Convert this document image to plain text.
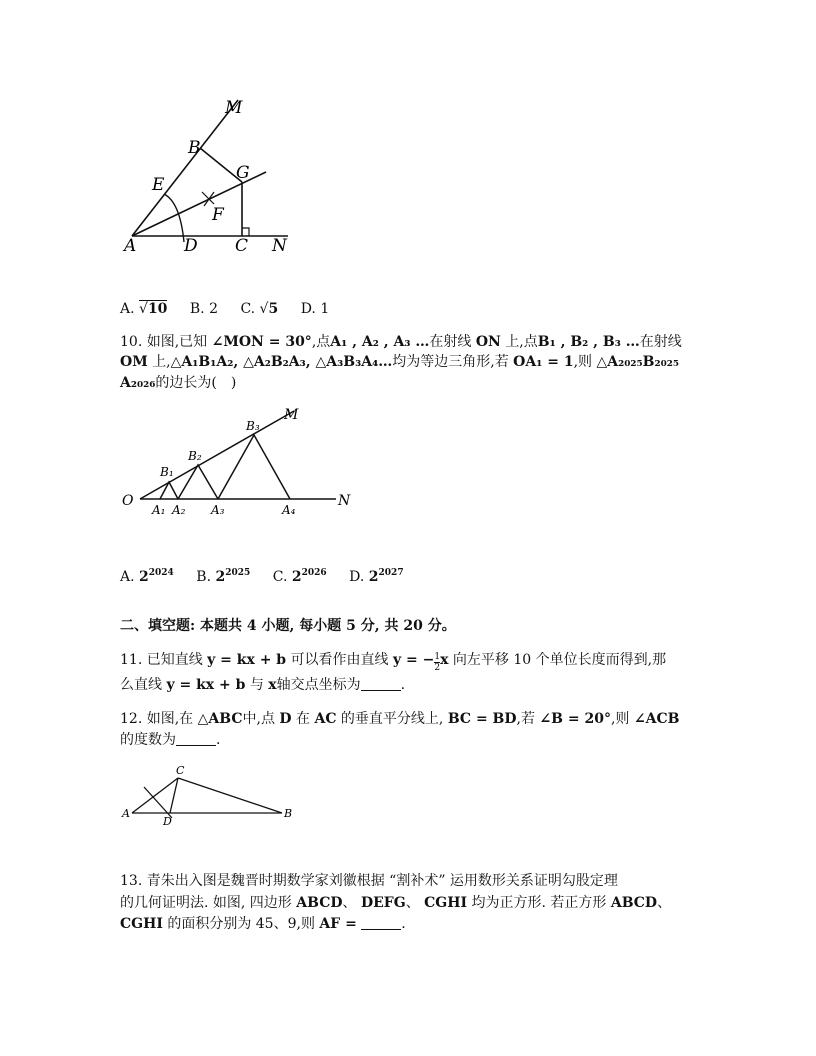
M
B
G
E
F
A	D C N
A. √10 B. 2 C. √5 D. 1
10. 如图,已知 ∠MON = 30°,点A₁ , A₂ , A₃ …在射线 ON 上,点B₁ , B₂ , B₃ …在射线
OM 上,△A₁B₁A₂, △A₂B₂A₃, △A₃B₃A₄…均为等边三角形,若 OA₁ = 1,则 △A₂₀₂₅B₂₀₂₅
A₂₀₂₆的边长为(　)
M
N
O
B₁
B₂
B₃
A₁ A₂ A₃	A₄
A. $2^{2024}$ B. $2^{2025}$ C. $2^{2026}$ D. $2^{2027}$
二、填空题: 本题共 4 小题, 每小题 5 分, 共 20 分。
11. 已知直线 y = kx + b 可以看作由直线 y = − $\frac{1}{2}$ x 向左平移 10 个单位长度而得到,那
么直线 y = kx + b 与 x轴交点坐标为	.
12. 如图,在 △ABC中,点 D 在 AC 的垂直平分线上, BC = BD,若 ∠B = 20°,则 ∠ACB
的度数为	.
C
A	B
D
13. 青朱出入图是魏晋时期数学家刘徽根据 “割补术” 运用数形关系证明勾股定理
的几何证明法. 如图, 四边形 ABCD、 DEFG、 CGHI 均为正方形. 若正方形 ABCD、
CGHI 的面积分别为 45、9,则 AF =	.
